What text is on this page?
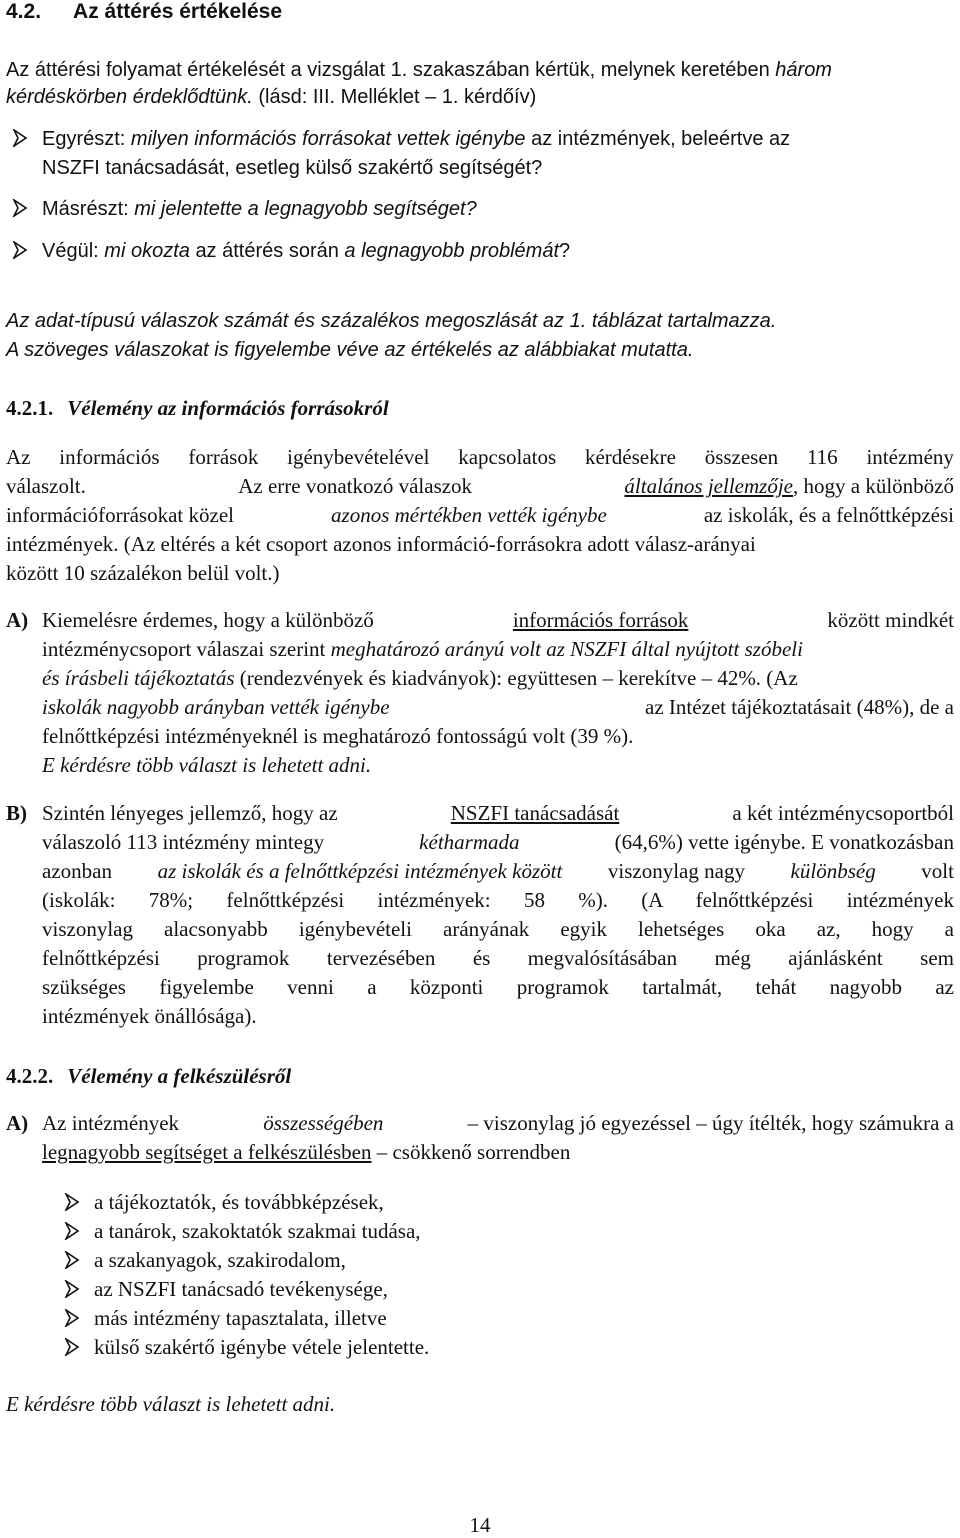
4.2. Az áttérés értékelése
Az áttérési folyamat értékelését a vizsgálat 1. szakaszában kértük, melynek keretében három
kérdéskörben érdeklődtünk. (lásd: III. Melléklet – 1. kérdőív)
Egyrészt: milyen információs forrásokat vettek igénybe az intézmények, beleértve az
NSZFI tanácsadását, esetleg külső szakértő segítségét?
Másrészt: mi jelentette a legnagyobb segítséget?
Végül: mi okozta az áttérés során a legnagyobb problémát?
Az adat-típusú válaszok számát és százalékos megoszlását az 1. táblázat tartalmazza.
A szöveges válaszokat is figyelembe véve az értékelés az alábbiakat mutatta.
4.2.1. Vélemény az információs forrásokról
Az információs források igénybevételével kapcsolatos kérdésekre összesen 116 intézmény
válaszolt.	Az erre vonatkozó válaszok	általános jellemzője, hogy a különböző
információforrásokat közel	azonos mértékben vették igénybe	az iskolák, és a felnőttképzési
intézmények. (Az eltérés a két csoport azonos információ-forrásokra adott válasz-arányai
között 10 százalékon belül volt.)
A) Kiemelésre érdemes, hogy a különböző	információs források	között mindkét
intézménycsoport válaszai szerint meghatározó arányú volt az NSZFI által nyújtott szóbeli
és írásbeli tájékoztatás (rendezvények és kiadványok): együttesen – kerekítve – 42%. (Az
iskolák nagyobb arányban vették igénybe	az Intézet tájékoztatásait (48%), de a
felnőttképzési intézményeknél is meghatározó fontosságú volt (39 %).
E kérdésre több választ is lehetett adni.
B) Szintén lényeges jellemző, hogy az	NSZFI tanácsadását	a két intézménycsoportból
válaszoló 113 intézmény mintegy	kétharmada	(64,6%) vette igénybe. E vonatkozásban
azonban az iskolák és a felnőttképzési intézmények között viszonylag nagy különbség volt
(iskolák: 78%; felnőttképzési intézmények: 58 %). (A felnőttképzési intézmények
viszonylag alacsonyabb igénybevételi arányának egyik lehetséges oka az, hogy a
felnőttképzési programok tervezésében és megvalósításában még ajánlásként sem
szükséges figyelembe venni a központi programok tartalmát, tehát nagyobb az
intézmények önállósága).
4.2.2. Vélemény a felkészülésről
A) Az intézmények	összességében	– viszonylag jó egyezéssel – úgy ítélték, hogy számukra a
legnagyobb segítséget a felkészülésben – csökkenő sorrendben
a tájékoztatók, és továbbképzések,
a tanárok, szakoktatók szakmai tudása,
a szakanyagok, szakirodalom,
az NSZFI tanácsadó tevékenysége,
más intézmény tapasztalata, illetve
külső szakértő igénybe vétele jelentette.
E kérdésre több választ is lehetett adni.
14
